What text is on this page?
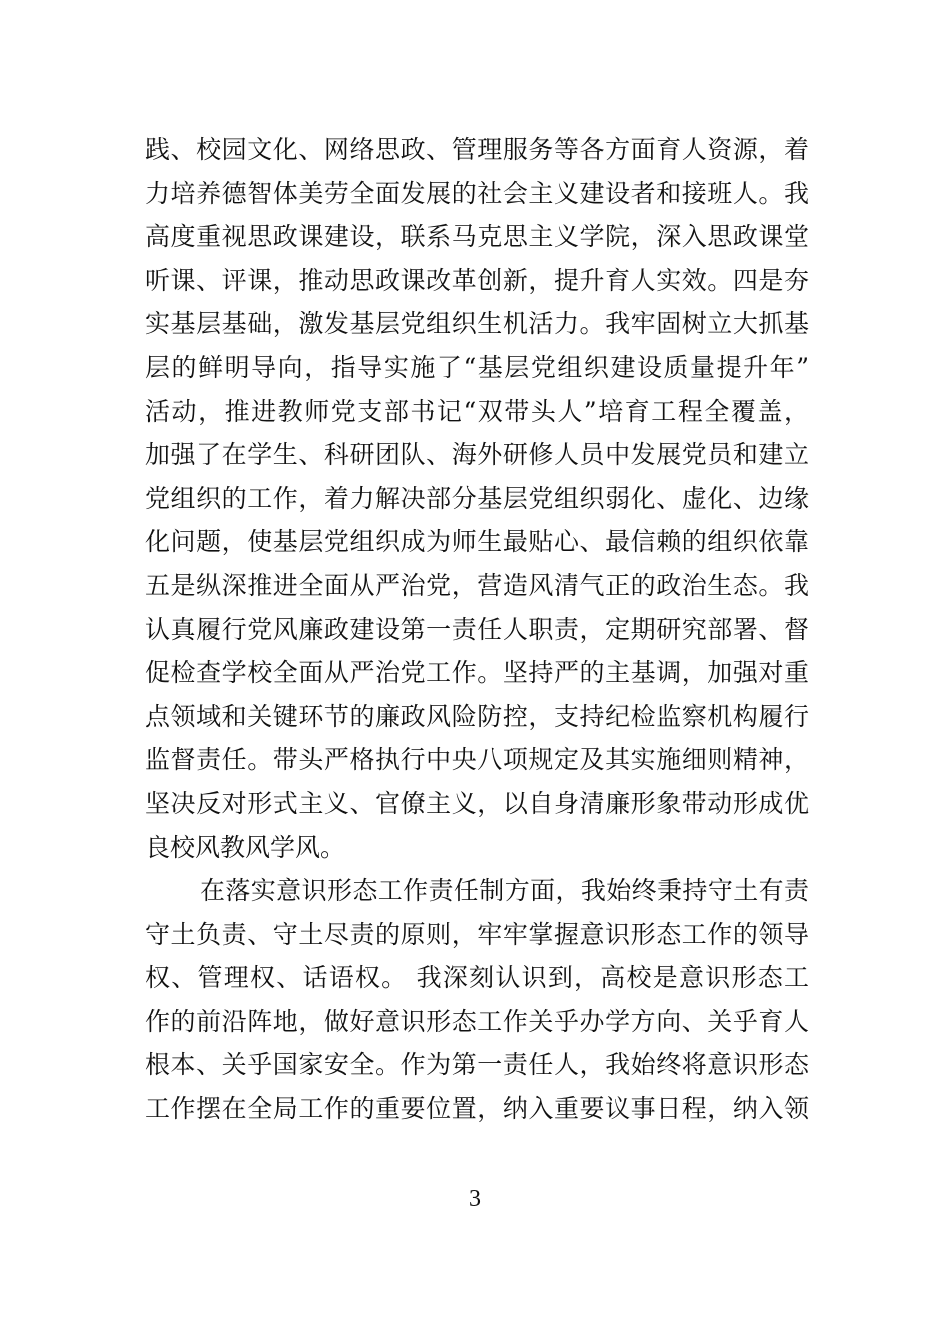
践、校园文化、网络思政、管理服务等各方面育人资源，着
力培养德智体美劳全面发展的社会主义建设者和接班人。我
高度重视思政课建设，联系马克思主义学院，深入思政课堂
听课、评课，推动思政课改革创新，提升育人实效。四是夯
实基层基础，激发基层党组织生机活力。我牢固树立大抓基
层的鲜明导向，指导实施了“基层党组织建设质量提升年”
活动，推进教师党支部书记“双带头人”培育工程全覆盖，
加强了在学生、科研团队、海外研修人员中发展党员和建立
党组织的工作，着力解决部分基层党组织弱化、虚化、边缘
化问题，使基层党组织成为师生最贴心、最信赖的组织依靠
五是纵深推进全面从严治党，营造风清气正的政治生态。我
认真履行党风廉政建设第一责任人职责，定期研究部署、督
促检查学校全面从严治党工作。坚持严的主基调，加强对重
点领域和关键环节的廉政风险防控，支持纪检监察机构履行
监督责任。带头严格执行中央八项规定及其实施细则精神，
坚决反对形式主义、官僚主义，以自身清廉形象带动形成优
良校风教风学风。
在落实意识形态工作责任制方面，我始终秉持守土有责
守土负责、守土尽责的原则，牢牢掌握意识形态工作的领导
权、管理权、话语权。 我深刻认识到，高校是意识形态工
作的前沿阵地，做好意识形态工作关乎办学方向、关乎育人
根本、关乎国家安全。作为第一责任人，我始终将意识形态
工作摆在全局工作的重要位置，纳入重要议事日程，纳入领
3
